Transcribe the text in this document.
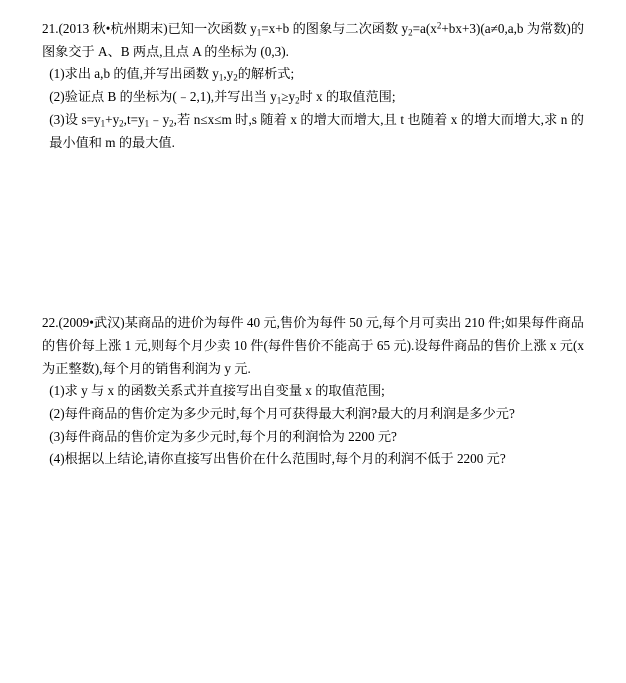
21.(2013 秋•杭州期末)已知一次函数 $y_1=x+b$ 的图象与二次函数 $y_2=a(x^2+bx+3)(a\ne 0,a,b$ 为常数)的图象交于 A、B 两点,且点 A 的坐标为 (0,3).

(1)求出 a,b 的值,并写出函数 $y_1,y_2$的解析式;

(2)验证点 B 的坐标为(﹣2,1),并写出当 $y_1\ge y_2$时 x 的取值范围;

(3)设 $s=y_1+y_2,t=y_1﹣y_2$,若 n≤x≤m 时,s 随着 x 的增大而增大,且 t 也随着 x 的增大而增大,求 n 的最小值和 m 的最大值.

22.(2009•武汉)某商品的进价为每件 40 元,售价为每件 50 元,每个月可卖出 210 件;如果每件商品的售价每上涨 1 元,则每个月少卖 10 件(每件售价不能高于 65 元).设每件商品的售价上涨 x 元(x 为正整数),每个月的销售利润为 y 元.

(1)求 y 与 x 的函数关系式并直接写出自变量 x 的取值范围;

(2)每件商品的售价定为多少元时,每个月可获得最大利润?最大的月利润是多少元?

(3)每件商品的售价定为多少元时,每个月的利润恰为 2200 元?

(4)根据以上结论,请你直接写出售价在什么范围时,每个月的利润不低于 2200 元?
